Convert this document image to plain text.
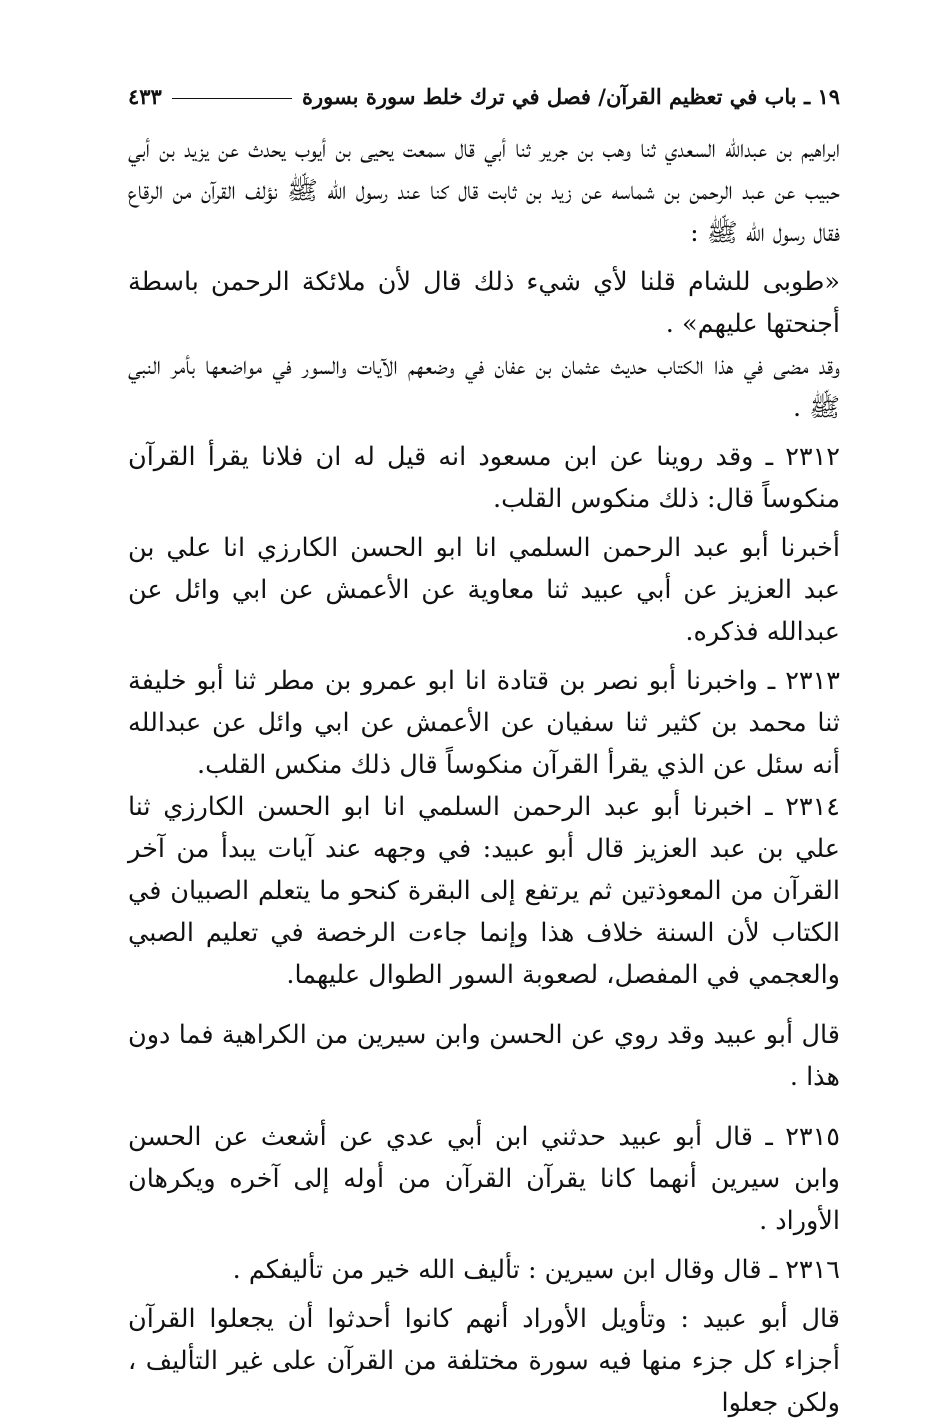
١٩ ـ باب في تعظيم القرآن/ فصل في ترك خلط سورة بسورة
٤٣٣

ابراهيم بن عبدالله السعدي ثنا وهب بن جرير ثنا أبي قال سمعت يحيى بن أيوب يحدث عن يزيد بن أبي حبيب عن عبد الرحمن بن شماسه عن زيد بن ثابت قال كنا عند رسول الله ﷺ نؤلف القرآن من الرقاع فقال رسول الله ﷺ :

«طوبى للشام قلنا لأي شيء ذلك قال لأن ملائكة الرحمن باسطة أجنحتها عليهم» .

وقد مضى في هذا الكتاب حديث عثمان بن عفان في وضعهم الآيات والسور في مواضعها بأمر النبي ﷺ .

٢٣١٢ ـ وقد روينا عن ابن مسعود انه قيل له ان فلانا يقرأ القرآن منكوساً قال: ذلك منكوس القلب.

أخبرنا أبو عبد الرحمن السلمي انا ابو الحسن الكارزي انا علي بن عبد العزيز عن أبي عبيد ثنا معاوية عن الأعمش عن ابي وائل عن عبدالله فذكره.

٢٣١٣ ـ واخبرنا أبو نصر بن قتادة انا ابو عمرو بن مطر ثنا أبو خليفة ثنا محمد بن كثير ثنا سفيان عن الأعمش عن ابي وائل عن عبدالله أنه سئل عن الذي يقرأ القرآن منكوساً قال ذلك منكس القلب.

٢٣١٤ ـ اخبرنا أبو عبد الرحمن السلمي انا ابو الحسن الكارزي ثنا علي بن عبد العزيز قال أبو عبيد: في وجهه عند آيات يبدأ من آخر القرآن من المعوذتين ثم يرتفع إلى البقرة كنحو ما يتعلم الصبيان في الكتاب لأن السنة خلاف هذا وإنما جاءت الرخصة في تعليم الصبي والعجمي في المفصل، لصعوبة السور الطوال عليهما.

قال أبو عبيد وقد روي عن الحسن وابن سيرين من الكراهية فما دون هذا .

٢٣١٥ ـ قال أبو عبيد حدثني ابن أبي عدي عن أشعث عن الحسن وابن سيرين أنهما كانا يقرآن القرآن من أوله إلى آخره ويكرهان الأوراد .

٢٣١٦ ـ قال وقال ابن سيرين : تأليف الله خير من تأليفكم .

قال أبو عبيد : وتأويل الأوراد أنهم كانوا أحدثوا أن يجعلوا القرآن أجزاء كل جزء منها فيه سورة مختلفة من القرآن على غير التأليف ، ولكن جعلوا
